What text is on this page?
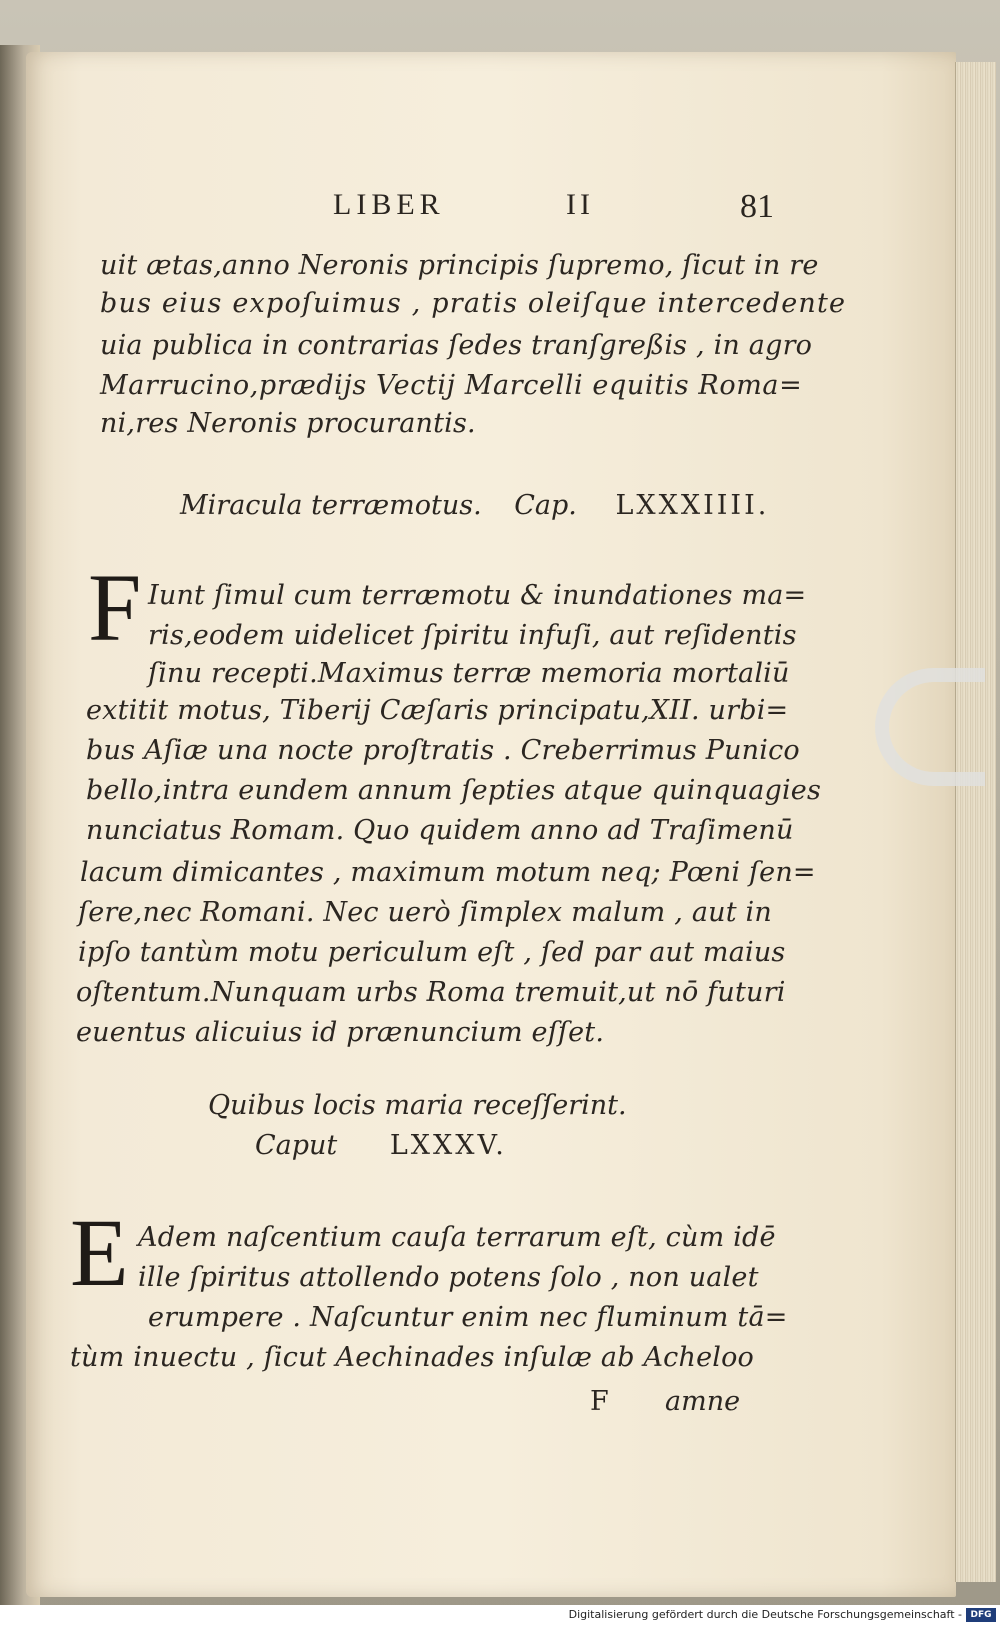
LIBER	II	81
uit ætas,anno Neronis principis ſupremo, ſicut in re
bus eius expoſuimus , pratis oleiſque intercedente
uia publica in contrarias ſedes tranſgreßis , in agro
Marrucino,prædijs Vectij Marcelli equitis Roma=
ni,res Neronis procurantis.
Miracula terræmotus. Cap. LXXXIIII.
F Iunt ſimul cum terræmotu & inundationes ma=
ris,eodem uidelicet ſpiritu infuſi, aut reſidentis
ſinu recepti.Maximus terræ memoria mortaliū
extitit motus, Tiberij Cæſaris principatu,XII. urbi=
bus Aſiæ una nocte proſtratis . Creberrimus Punico
bello,intra eundem annum ſepties atque quinquagies
nunciatus Romam. Quo quidem anno ad Traſimenū
lacum dimicantes , maximum motum neq; Pœni ſen=
ſere,nec Romani. Nec uerò ſimplex malum , aut in
ipſo tantùm motu periculum eſt , ſed par aut maius
oſtentum.Nunquam urbs Roma tremuit,ut nō futuri
euentus alicuius id prænuncium eſſet.
Quibus locis maria receſſerint.
Caput LXXXV.
E Adem naſcentium cauſa terrarum eſt, cùm idē
ille ſpiritus attollendo potens ſolo , non ualet
erumpere . Naſcuntur enim nec fluminum tā=
tùm inuectu , ſicut Aechinades inſulæ ab Acheloo
F amne
Digitalisierung gefördert durch die Deutsche Forschungsgemeinschaft - DFG
